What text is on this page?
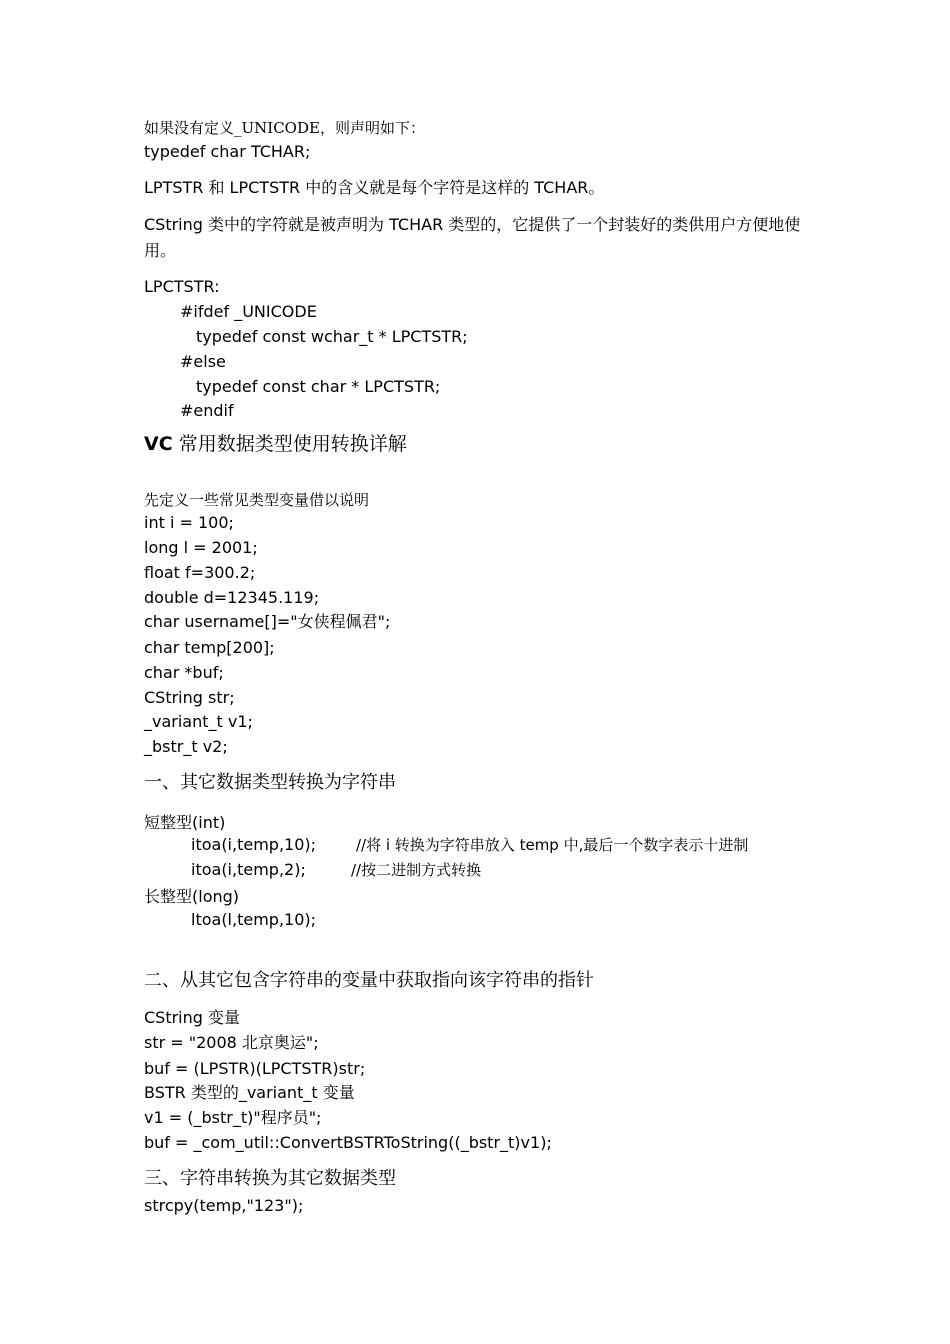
如果没有定义_UNICODE，则声明如下：
typedef char TCHAR;
LPTSTR 和 LPCTSTR 中的含义就是每个字符是这样的 TCHAR。
CString 类中的字符就是被声明为 TCHAR 类型的，它提供了一个封装好的类供用户方便地使
用。
LPCTSTR:
#ifdef _UNICODE
typedef const wchar_t * LPCTSTR;
#else
typedef const char * LPCTSTR;
#endif
VC 常用数据类型使用转换详解
先定义一些常见类型变量借以说明
int i = 100;
long l = 2001;
float f=300.2;
double d=12345.119;
char username[]="女侠程佩君";
char temp[200];
char *buf;
CString str;
_variant_t v1;
_bstr_t v2;
一、其它数据类型转换为字符串
短整型(int)
itoa(i,temp,10);	//将 i 转换为字符串放入 temp 中,最后一个数字表示十进制
itoa(i,temp,2);	//按二进制方式转换
长整型(long)
ltoa(l,temp,10);
二、从其它包含字符串的变量中获取指向该字符串的指针
CString 变量
str = "2008 北京奥运";
buf = (LPSTR)(LPCTSTR)str;
BSTR 类型的_variant_t 变量
v1 = (_bstr_t)"程序员";
buf = _com_util::ConvertBSTRToString((_bstr_t)v1);
三、字符串转换为其它数据类型
strcpy(temp,"123");
